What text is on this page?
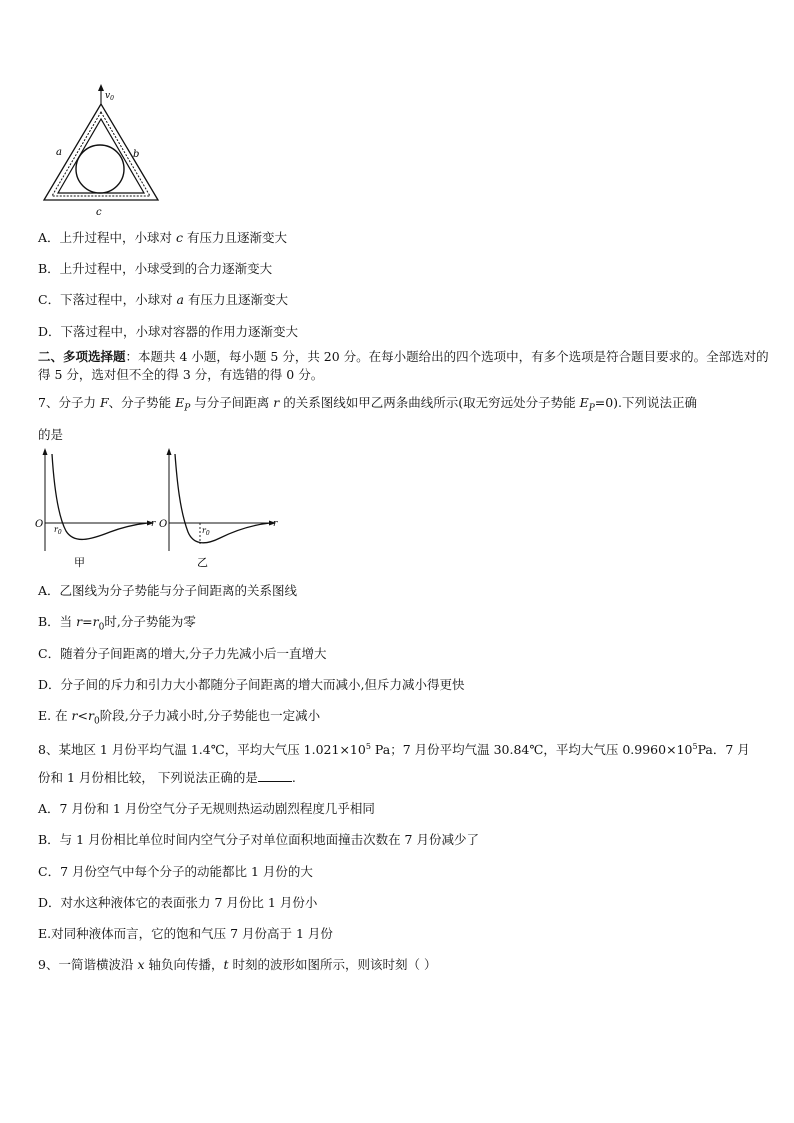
$v_0$
a	b
c
A．上升过程中，小球对 c 有压力且逐渐变大
B．上升过程中，小球受到的合力逐渐变大
C．下落过程中，小球对 a 有压力且逐渐变大
D．下落过程中，小球对容器的作用力逐渐变大
二、多项选择题：本题共 4 小题，每小题 5 分，共 20 分。在每小题给出的四个选项中，有多个选项是符合题目要求的。全部选对的得 5 分，选对但不全的得 3 分，有选错的得 0 分。
7、分子力 F、分子势能 $E_P$ 与分子间距离 r 的关系图线如甲乙两条曲线所示(取无穷远处分子势能 $E_P=0$).下列说法正确
的是
O $r_0$
r
甲
O
$r_0$
r
乙
A．乙图线为分子势能与分子间距离的关系图线
B．当 $r=r_0$时,分子势能为零
C．随着分子间距离的增大,分子力先减小后一直增大
D．分子间的斥力和引力大小都随分子间距离的增大而减小,但斥力减小得更快
E. 在 $r<r_0$阶段,分子力减小时,分子势能也一定减小
8、某地区 1 月份平均气温 1.4℃，平均大气压 $1.021\times 10^5$ Pa；7 月份平均气温 30.84℃，平均大气压 $0.9960\times 10^5Pa$．7 月
份和 1 月份相比较， 下列说法正确的是	.
A．7 月份和 1 月份空气分子无规则热运动剧烈程度几乎相同
B．与 1 月份相比单位时间内空气分子对单位面积地面撞击次数在 7 月份减少了
C．7 月份空气中每个分子的动能都比 1 月份的大
D．对水这种液体它的表面张力 7 月份比 1 月份小
E.对同种液体而言，它的饱和气压 7 月份高于 1 月份
9、一简谐横波沿 x 轴负向传播，t 时刻的波形如图所示，则该时刻（ ）
